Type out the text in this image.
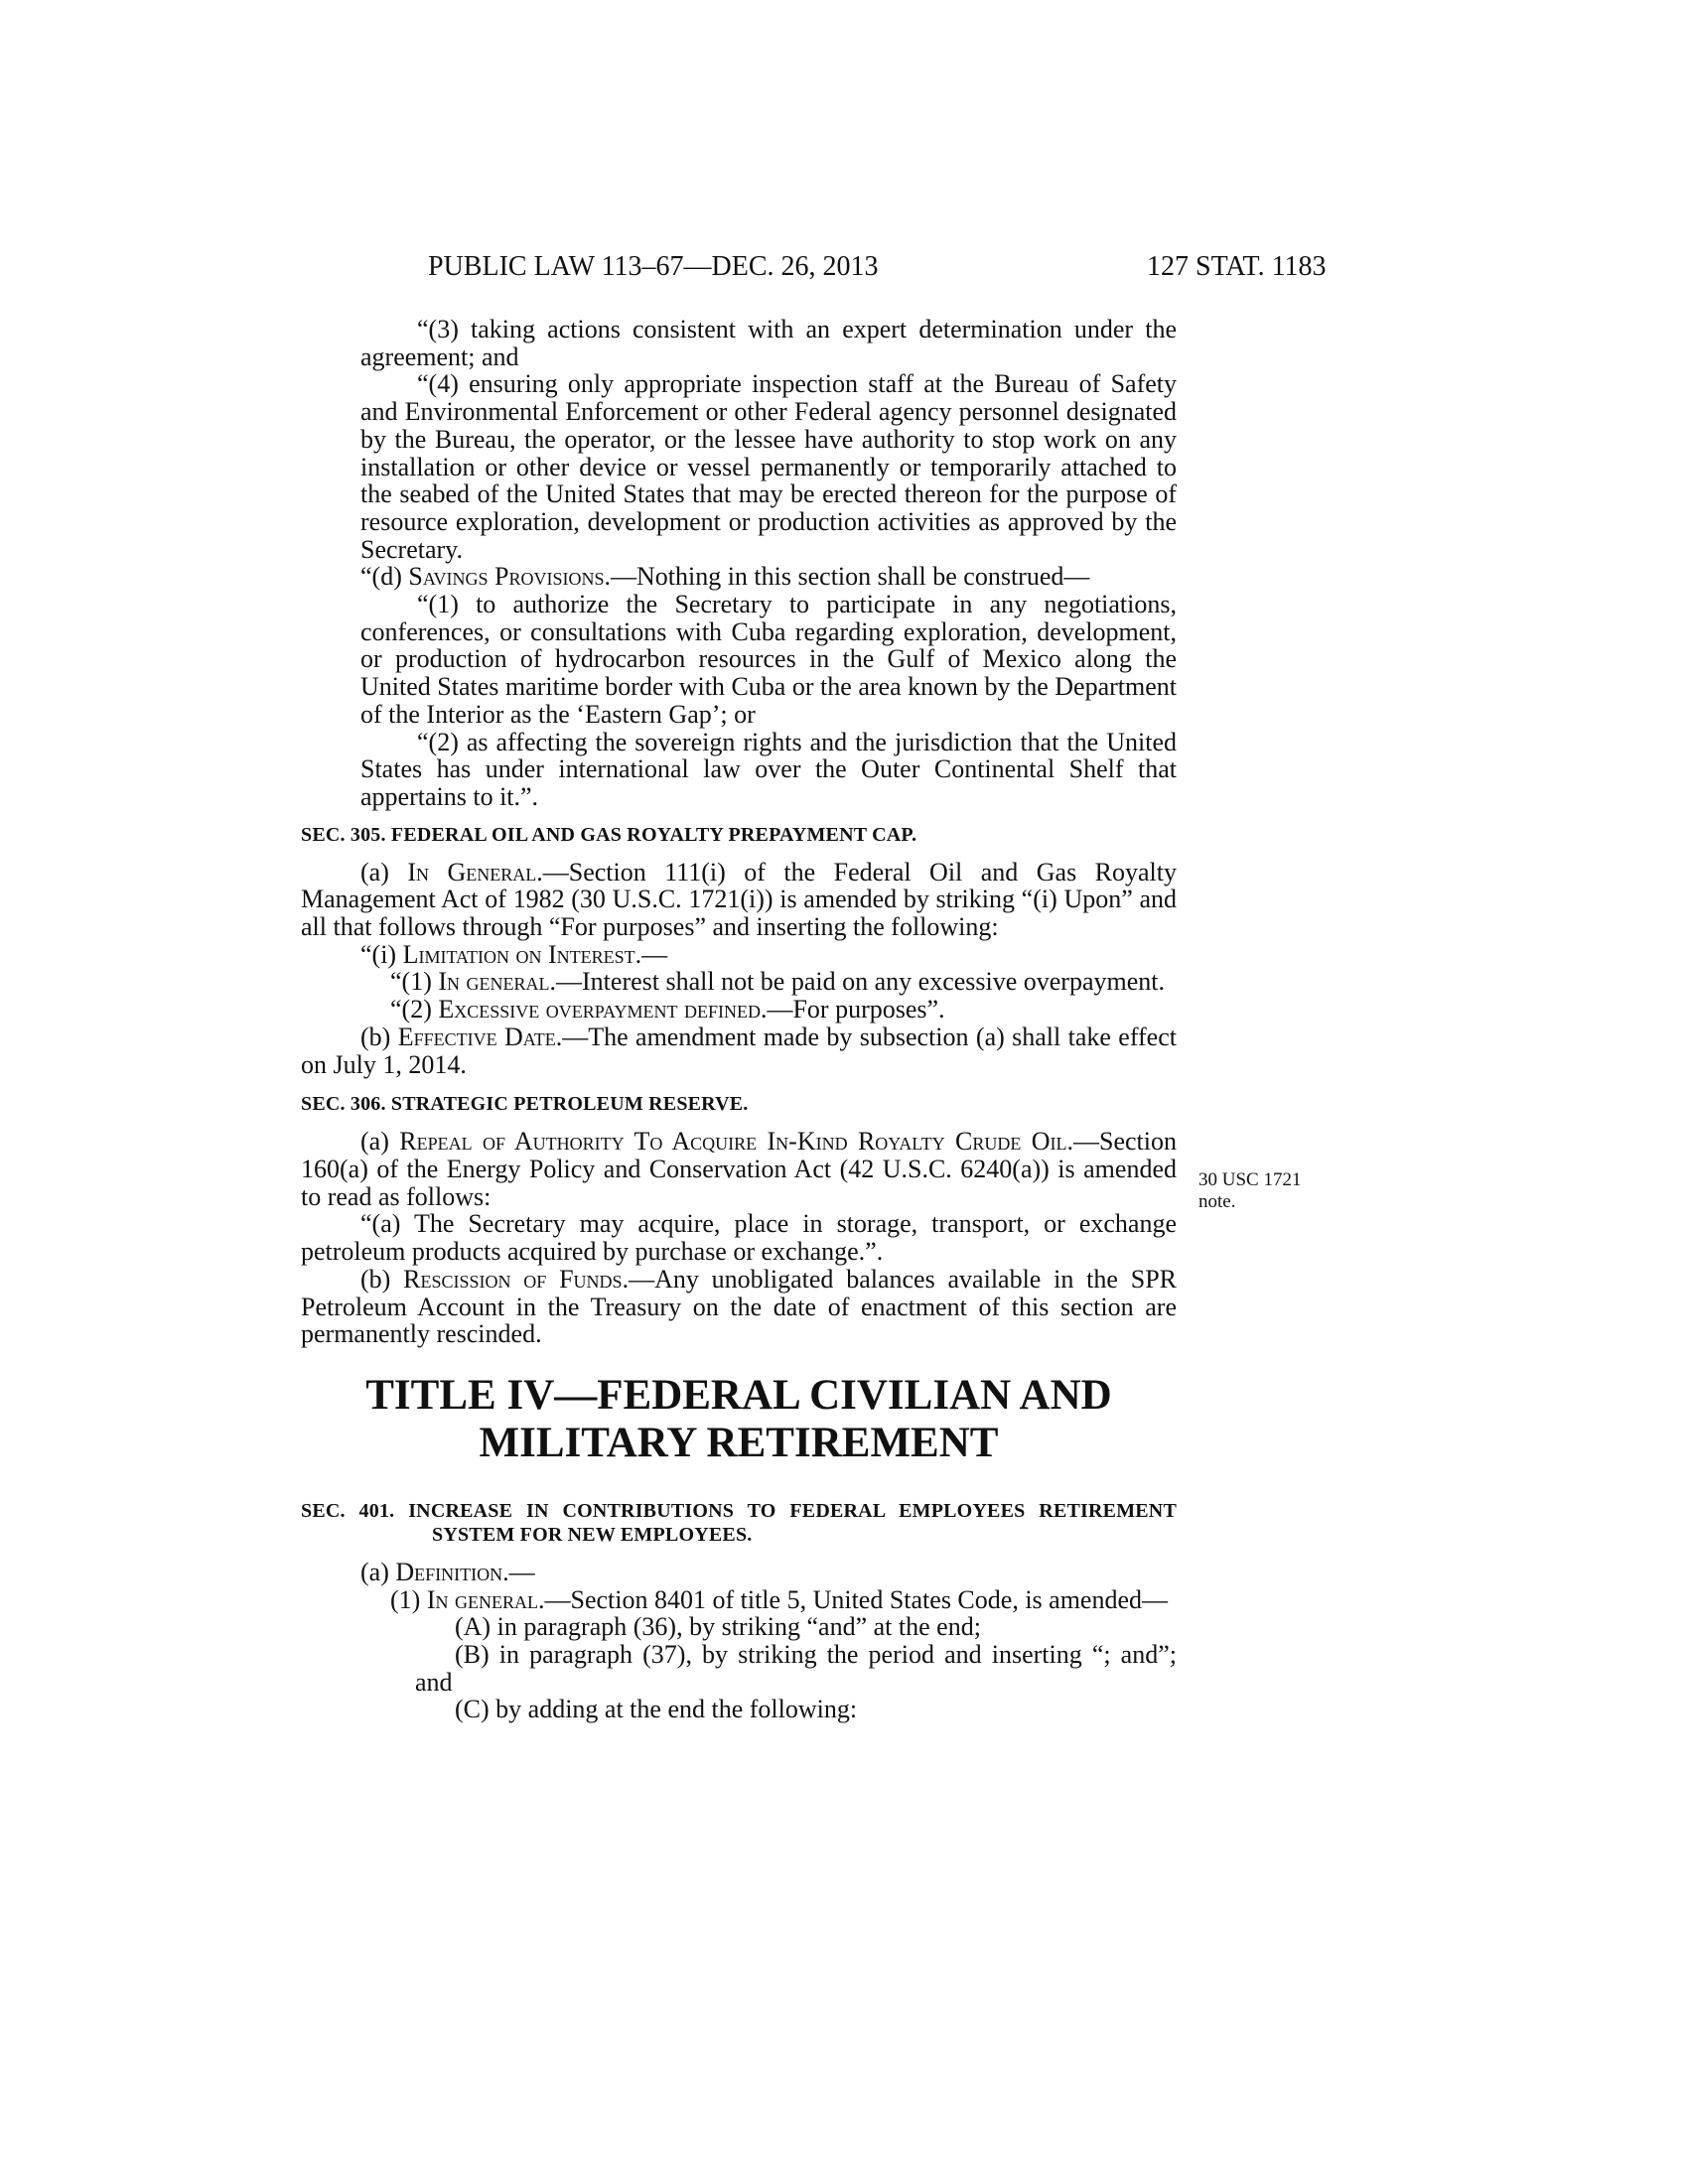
PUBLIC LAW 113–67—DEC. 26, 2013	127 STAT. 1183
30 USC 1721
note.

“(3) taking actions consistent with an expert determination under the agreement; and

“(4) ensuring only appropriate inspection staff at the Bureau of Safety and Environmental Enforcement or other Federal agency personnel designated by the Bureau, the operator, or the lessee have authority to stop work on any installation or other device or vessel permanently or temporarily attached to the seabed of the United States that may be erected thereon for the purpose of resource exploration, development or production activities as approved by the Secretary.

“(d) Savings Provisions.—Nothing in this section shall be construed—

“(1) to authorize the Secretary to participate in any negotiations, conferences, or consultations with Cuba regarding exploration, development, or production of hydrocarbon resources in the Gulf of Mexico along the United States maritime border with Cuba or the area known by the Department of the Interior as the ‘Eastern Gap’; or

“(2) as affecting the sovereign rights and the jurisdiction that the United States has under international law over the Outer Continental Shelf that appertains to it.”.

SEC. 305. FEDERAL OIL AND GAS ROYALTY PREPAYMENT CAP.

(a) In General.—Section 111(i) of the Federal Oil and Gas Royalty Management Act of 1982 (30 U.S.C. 1721(i)) is amended by striking “(i) Upon” and all that follows through “For purposes” and inserting the following:

“(i) Limitation on Interest.—

“(1) In general.—Interest shall not be paid on any excessive overpayment.

“(2) Excessive overpayment defined.—For purposes”.

(b) Effective Date.—The amendment made by subsection (a) shall take effect on July 1, 2014.

SEC. 306. STRATEGIC PETROLEUM RESERVE.

(a) Repeal of Authority To Acquire In-Kind Royalty Crude Oil.—Section 160(a) of the Energy Policy and Conservation Act (42 U.S.C. 6240(a)) is amended to read as follows:

“(a) The Secretary may acquire, place in storage, transport, or exchange petroleum products acquired by purchase or exchange.”.

(b) Rescission of Funds.—Any unobligated balances available in the SPR Petroleum Account in the Treasury on the date of enactment of this section are permanently rescinded.

TITLE IV—FEDERAL CIVILIAN AND
MILITARY RETIREMENT
SEC. 401. INCREASE IN CONTRIBUTIONS TO FEDERAL EMPLOYEES RETIREMENT SYSTEM FOR NEW EMPLOYEES.

(a) Definition.—

(1) In general.—Section 8401 of title 5, United States Code, is amended—

(A) in paragraph (36), by striking “and” at the end;

(B) in paragraph (37), by striking the period and inserting “; and”; and

(C) by adding at the end the following:
